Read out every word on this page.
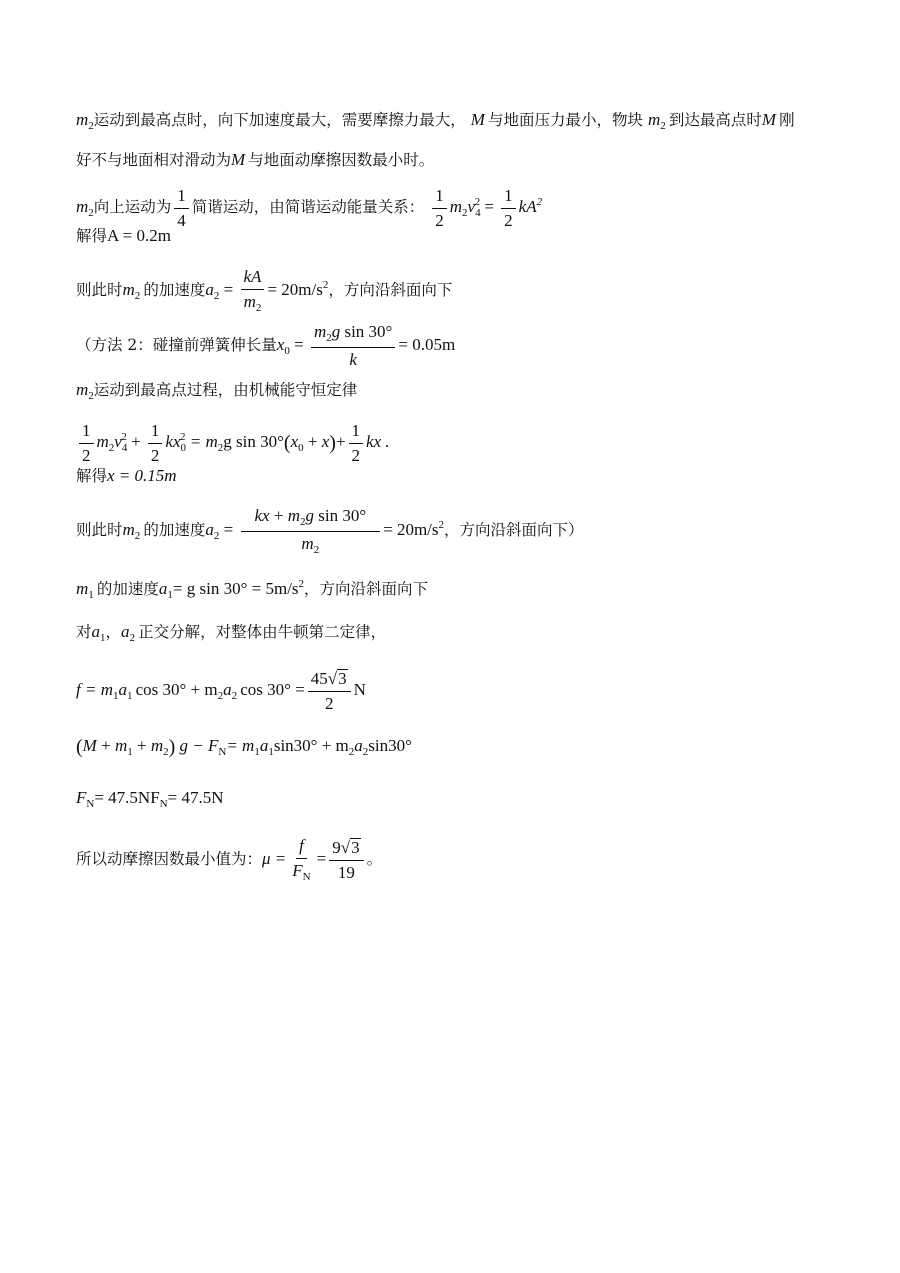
$m_2$运动到最高点时，向下加速度最大，需要摩擦力最大， M  与地面压力最小，物块 $m_2$  到达最高点时M  刚
好不与地面相对滑动为M  与地面动摩擦因数最小时。
$m_2$向上运动为 $\frac{1}{4}$ 简谐运动，由简谐运动能量关系： $\frac{1}{2} m_2v_4^2 = \frac{1}{2} kA^2$
解得A = 0.2m
则此时$m_2$  的加速度$a_2 = \frac{kA}{m_2} = 20m/s^2$，方向沿斜面向下
（方法 2：碰撞前弹簧伸长量$x_0 = \frac{m_2g \sin 30^\circ}{k} = 0.05m$
$m_2$运动到最高点过程，由机械能守恒定律
$\frac{1}{2} m_2v_4^2 + \frac{1}{2} kx_0^2 = m_2g$ $\sin 30^\circ(x_0 + x)+ \frac{1}{2}$ kx .
解得x = 0.15m
则此时$m_2$  的加速度$a_2 = \frac{kx + m_2g \sin 30^\circ}{m_2} = 20m/s^2$，方向沿斜面向下）
$m_1$  的加速度$a_1= g$ $\sin 30^\circ = 5m/s^2$，方向沿斜面向下
对$a_1$，$a_2$  正交分解，对整体由牛顿第二定律，
$f = m_1a_1$  $\cos 30^\circ + m_2a_2$  $\cos 30^\circ = \frac{45 √ 3}{2}$ N
$(M + m_1 + m_2)$ $g - F_N= m_1a_1\sin 30^\circ + m_2a_2\sin 30^\circ$
$F_N= 47.5NF_N= 47.5N$
所以动摩擦因数最小值为：$\mu = \frac{f}{F_N} = \frac{9 √ 3}{19}$ 。
